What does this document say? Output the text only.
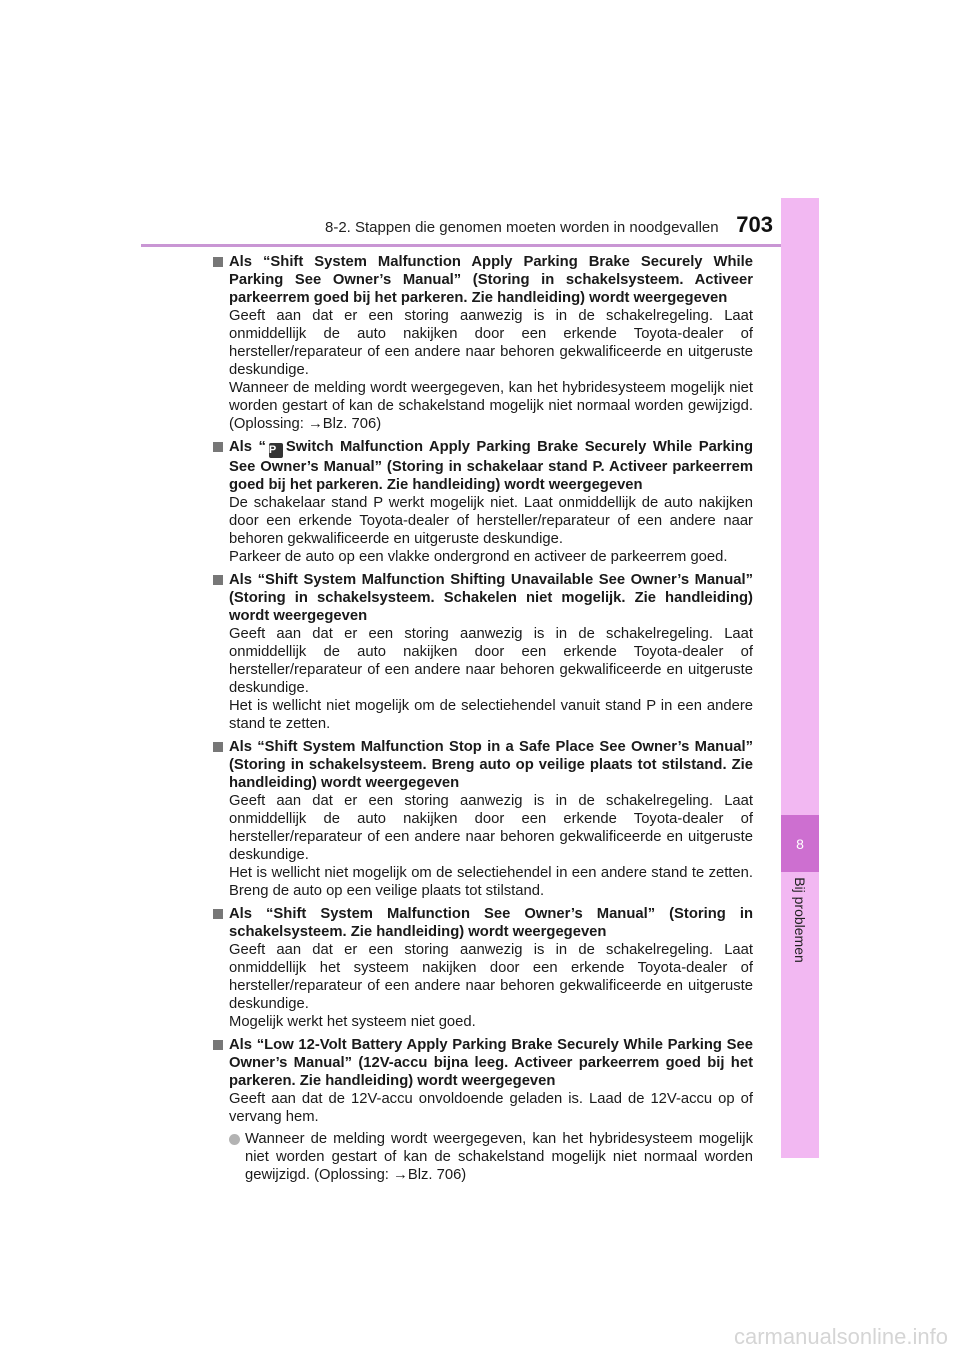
8-2. Stappen die genomen moeten worden in noodgevallen 703
8
Bij problemen
Als “Shift System Malfunction Apply Parking Brake Securely While Parking See Owner’s Manual” (Storing in schakelsysteem. Activeer parkeerrem goed bij het parkeren. Zie handleiding) wordt weergegeven
Geeft aan dat er een storing aanwezig is in de schakelregeling. Laat onmiddellijk de auto nakijken door een erkende Toyota-dealer of hersteller/reparateur of een andere naar behoren gekwalificeerde en uitgeruste deskundige.
Wanneer de melding wordt weergegeven, kan het hybridesysteem mogelijk niet worden gestart of kan de schakelstand mogelijk niet normaal worden gewijzigd. (Oplossing: →Blz. 706)
Als “ P Switch Malfunction Apply Parking Brake Securely While Parking See Owner’s Manual” (Storing in schakelaar stand P. Activeer parkeerrem goed bij het parkeren. Zie handleiding) wordt weergegeven
De schakelaar stand P werkt mogelijk niet. Laat onmiddellijk de auto nakijken door een erkende Toyota-dealer of hersteller/reparateur of een andere naar behoren gekwalificeerde en uitgeruste deskundige.
Parkeer de auto op een vlakke ondergrond en activeer de parkeerrem goed.
Als “Shift System Malfunction Shifting Unavailable See Owner’s Manual” (Storing in schakelsysteem. Schakelen niet mogelijk. Zie handleiding) wordt weergegeven
Geeft aan dat er een storing aanwezig is in de schakelregeling. Laat onmiddellijk de auto nakijken door een erkende Toyota-dealer of hersteller/reparateur of een andere naar behoren gekwalificeerde en uitgeruste deskundige.
Het is wellicht niet mogelijk om de selectiehendel vanuit stand P in een andere stand te zetten.
Als “Shift System Malfunction Stop in a Safe Place See Owner’s Manual” (Storing in schakelsysteem. Breng auto op veilige plaats tot stilstand. Zie handleiding) wordt weergegeven
Geeft aan dat er een storing aanwezig is in de schakelregeling. Laat onmiddellijk de auto nakijken door een erkende Toyota-dealer of hersteller/reparateur of een andere naar behoren gekwalificeerde en uitgeruste deskundige.
Het is wellicht niet mogelijk om de selectiehendel in een andere stand te zetten. Breng de auto op een veilige plaats tot stilstand.
Als “Shift System Malfunction See Owner’s Manual” (Storing in schakelsysteem. Zie handleiding) wordt weergegeven
Geeft aan dat er een storing aanwezig is in de schakelregeling. Laat onmiddellijk het systeem nakijken door een erkende Toyota-dealer of hersteller/reparateur of een andere naar behoren gekwalificeerde en uitgeruste deskundige.
Mogelijk werkt het systeem niet goed.
Als “Low 12-Volt Battery Apply Parking Brake Securely While Parking See Owner’s Manual” (12V-accu bijna leeg. Activeer parkeerrem goed bij het parkeren. Zie handleiding) wordt weergegeven
Geeft aan dat de 12V-accu onvoldoende geladen is. Laad de 12V-accu op of vervang hem.
Wanneer de melding wordt weergegeven, kan het hybridesysteem mogelijk niet worden gestart of kan de schakelstand mogelijk niet normaal worden gewijzigd. (Oplossing: →Blz. 706)
carmanualsonline.info
